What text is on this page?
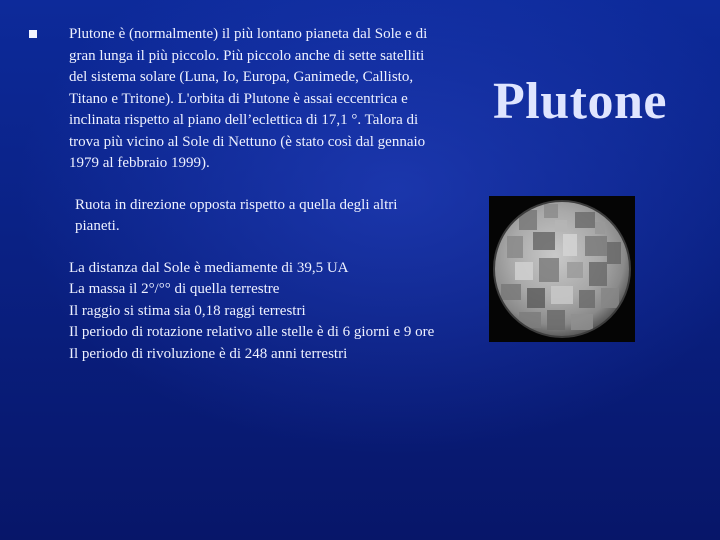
Plutone è (normalmente) il più lontano pianeta dal Sole e di gran lunga il più piccolo. Più piccolo anche di sette satelliti del sistema solare (Luna, Io, Europa, Ganimede, Callisto, Titano e Tritone). L'orbita di Plutone è assai eccentrica e inclinata rispetto al piano dell’eclettica di 17,1 °. Talora di trova più vicino al Sole di Nettuno (è stato così dal gennaio 1979 al febbraio 1999).

Ruota in direzione opposta rispetto a quella degli altri pianeti.

La distanza dal Sole è mediamente di 39,5 UA
La massa il 2°/°° di quella terrestre
Il raggio si stima sia 0,18 raggi terrestri
Il periodo di rotazione relativo alle stelle è di 6 giorni e 9 ore
Il periodo di rivoluzione è di 248 anni terrestri

Plutone
